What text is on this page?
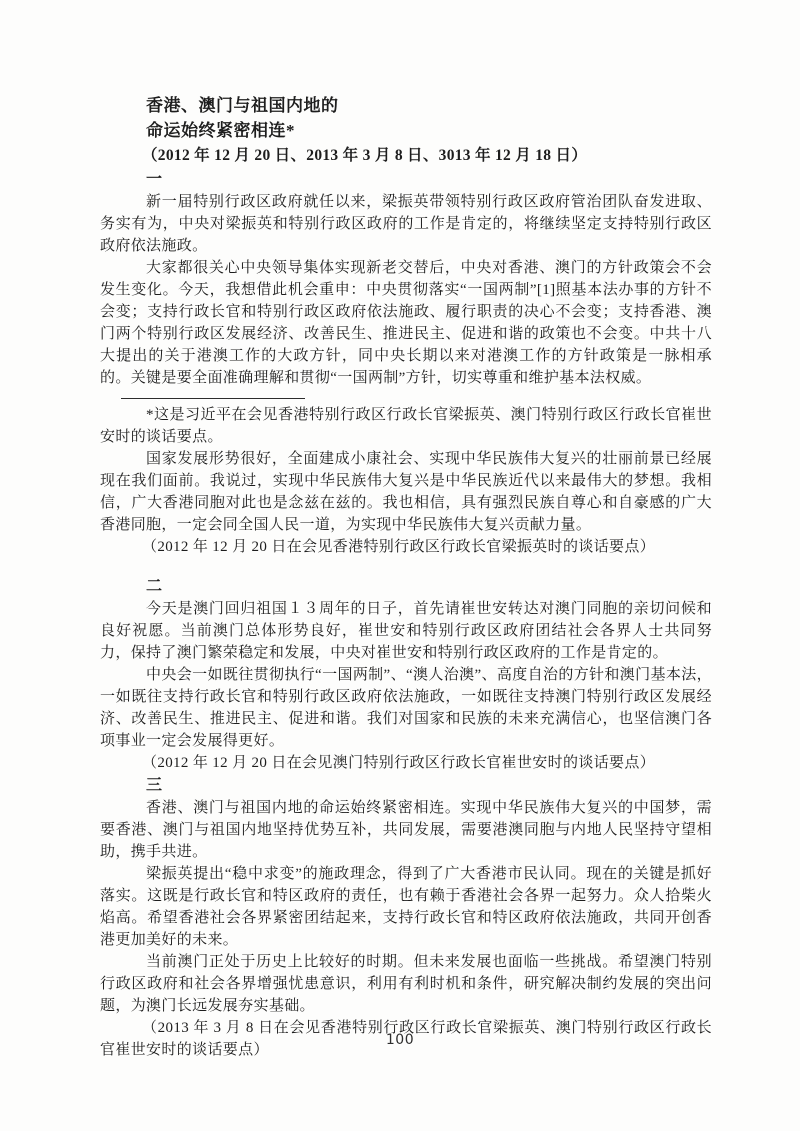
香港、澳门与祖国内地的
命运始终紧密相连*
（2012 年 12 月 20 日、2013 年 3 月 8 日、3013 年 12 月 18 日）
一

新一届特别行政区政府就任以来，梁振英带领特别行政区政府管治团队奋发进取、务实有为，中央对梁振英和特别行政区政府的工作是肯定的，将继续坚定支持特别行政区政府依法施政。

大家都很关心中央领导集体实现新老交替后，中央对香港、澳门的方针政策会不会发生变化。今天，我想借此机会重申：中央贯彻落实“一国两制”[1]照基本法办事的方针不会变；支持行政长官和特别行政区政府依法施政、履行职责的决心不会变；支持香港、澳门两个特别行政区发展经济、改善民生、推进民主、促进和谐的政策也不会变。中共十八大提出的关于港澳工作的大政方针，同中央长期以来对港澳工作的方针政策是一脉相承的。关键是要全面准确理解和贯彻“一国两制”方针，切实尊重和维护基本法权威。

*这是习近平在会见香港特别行政区行政长官梁振英、澳门特别行政区行政长官崔世安时的谈话要点。

国家发展形势很好，全面建成小康社会、实现中华民族伟大复兴的壮丽前景已经展现在我们面前。我说过，实现中华民族伟大复兴是中华民族近代以来最伟大的梦想。我相信，广大香港同胞对此也是念兹在兹的。我也相信，具有强烈民族自尊心和自豪感的广大香港同胞，一定会同全国人民一道，为实现中华民族伟大复兴贡献力量。

（2012 年 12 月 20 日在会见香港特别行政区行政长官梁振英时的谈话要点）

二

今天是澳门回归祖国１３周年的日子，首先请崔世安转达对澳门同胞的亲切问候和良好祝愿。当前澳门总体形势良好，崔世安和特别行政区政府团结社会各界人士共同努力，保持了澳门繁荣稳定和发展，中央对崔世安和特别行政区政府的工作是肯定的。

中央会一如既往贯彻执行“一国两制”、“澳人治澳”、高度自治的方针和澳门基本法，一如既往支持行政长官和特别行政区政府依法施政，一如既往支持澳门特别行政区发展经济、改善民生、推进民主、促进和谐。我们对国家和民族的未来充满信心，也坚信澳门各项事业一定会发展得更好。

（2012 年 12 月 20 日在会见澳门特别行政区行政长官崔世安时的谈话要点）

三

香港、澳门与祖国内地的命运始终紧密相连。实现中华民族伟大复兴的中国梦，需要香港、澳门与祖国内地坚持优势互补，共同发展，需要港澳同胞与内地人民坚持守望相助，携手共进。

梁振英提出“稳中求变”的施政理念，得到了广大香港市民认同。现在的关键是抓好落实。这既是行政长官和特区政府的责任，也有赖于香港社会各界一起努力。众人拾柴火焰高。希望香港社会各界紧密团结起来，支持行政长官和特区政府依法施政，共同开创香港更加美好的未来。

当前澳门正处于历史上比较好的时期。但未来发展也面临一些挑战。希望澳门特别行政区政府和社会各界增强忧患意识，利用有利时机和条件，研究解决制约发展的突出问题，为澳门长远发展夯实基础。

（2013 年 3 月 8 日在会见香港特别行政区行政长官梁振英、澳门特别行政区行政长官崔世安时的谈话要点）

100
